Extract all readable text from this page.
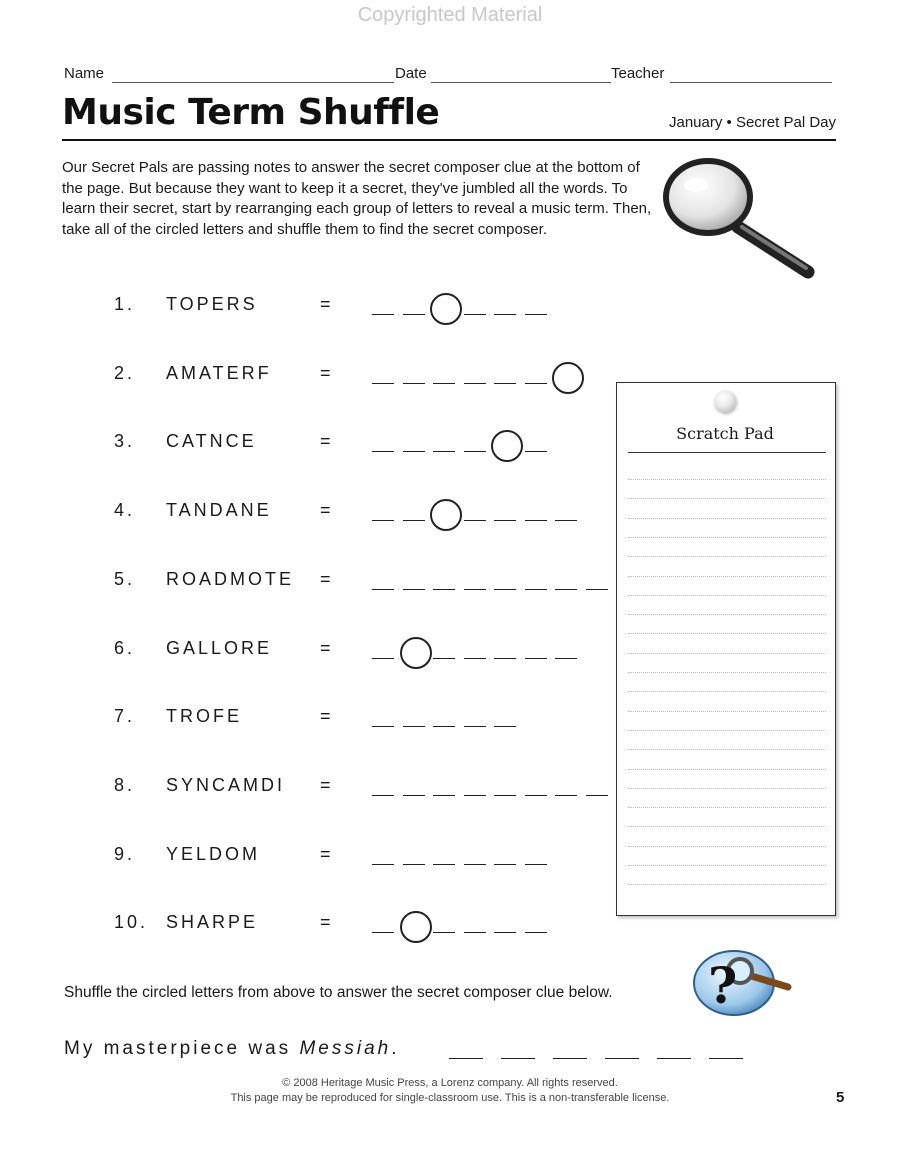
Copyrighted Material
Name	Date	Teacher
Music Term Shuffle	January • Secret Pal Day
Our Secret Pals are passing notes to answer the secret composer clue at the bottom of the page. But because they want to keep it a secret, they've jumbled all the words. To learn their secret, start by rearranging each group of letters to reveal a music term. Then, take all of the circled letters and shuffle them to find the secret composer.
1. TOPERS	=
2. AMATERF	=
3. CATNCE	=
4. TANDANE	=
5. ROADMOTE =
6. GALLORE	=
7. TROFE	=
8. SYNCAMDI =
9. YELDOM	=
10. SHARPE	=
Scratch Pad
Shuffle the circled letters from above to answer the secret composer clue below. ?
My masterpiece was Messiah.
© 2008 Heritage Music Press, a Lorenz company. All rights reserved.
This page may be reproduced for single-classroom use. This is a non-transferable license.	5
